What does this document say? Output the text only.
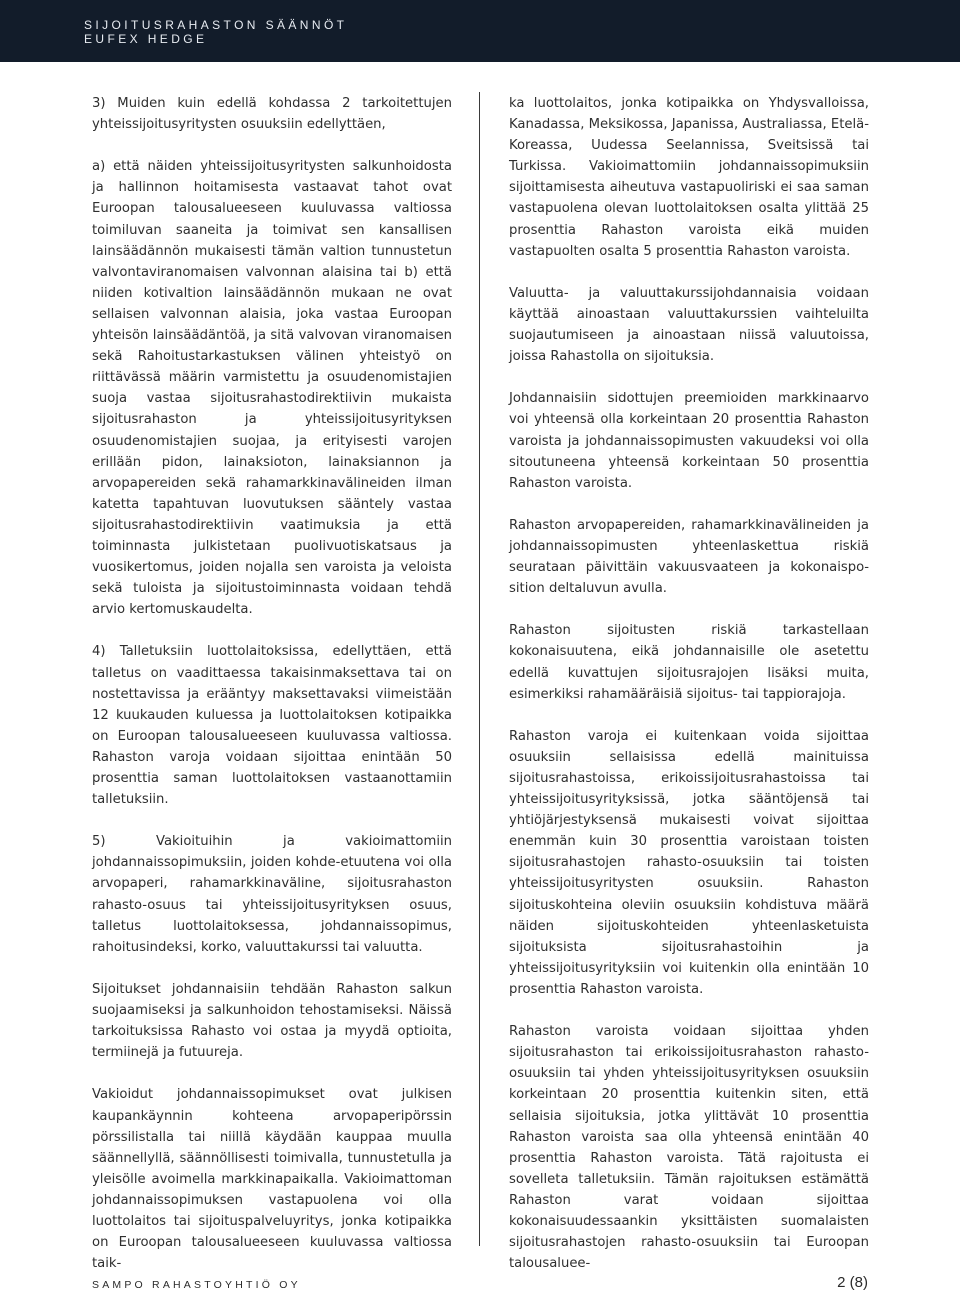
SIJOITUSRAHASTON SÄÄNNÖT
EUFEX HEDGE

3) Muiden kuin edellä kohdassa 2 tarkoitettujen yhteissijoitusyritysten osuuksiin edellyttäen,

a) että näiden yhteissijoitusyritysten salkunhoidosta ja hallinnon hoitamisesta vastaavat tahot ovat Euroopan talousalueeseen kuuluvassa valtiossa toimiluvan saaneita ja toimivat sen kansallisen lainsäädännön mukaisesti tämän valtion tunnustetun valvontaviranomaisen valvonnan alaisina tai b) että niiden kotivaltion lainsäädännön mukaan ne ovat sellaisen valvonnan alaisia, joka vastaa Euroopan yhteisön lainsäädäntöä, ja sitä valvovan viranomaisen sekä Rahoitustarkastuksen välinen yhteistyö on riittävässä määrin varmistettu ja osuudenomistajien suoja vastaa sijoitusrahastodirektiivin mukaista sijoitusrahaston ja yhteissijoitusyrityksen osuudenomistajien suojaa, ja erityisesti varojen erillään pidon, lainaksioton, lainaksiannon ja arvopapereiden sekä rahamarkkinavälineiden ilman katetta tapahtuvan luovutuksen sääntely vastaa sijoitusrahastodirektiivin vaatimuksia ja että toiminnasta julkistetaan puolivuotiskatsaus ja vuosikertomus, joiden nojalla sen varoista ja veloista sekä tuloista ja sijoitustoiminnasta voidaan tehdä arvio kertomuskaudelta.

4) Talletuksiin luottolaitoksissa, edellyttäen, että talletus on vaadittaessa takaisinmaksettava tai on nostettavissa ja erääntyy maksettavaksi viimeistään 12 kuukauden kuluessa ja luottolaitoksen kotipaikka on Euroopan talousalueeseen kuuluvassa valtiossa. Rahaston varoja voidaan sijoittaa enintään 50 prosenttia saman luottolaitoksen vastaanottamiin talletuksiin.

5) Vakioituihin ja vakioimattomiin johdannaissopimuksiin, joiden kohde-etuutena voi olla arvopaperi, rahamarkkinaväline, sijoitusrahaston rahasto-osuus tai yhteissijoitusyrityksen osuus, talletus luottolaitoksessa, johdannaissopimus, rahoitusindeksi, korko, valuuttakurssi tai valuutta.

Sijoitukset johdannaisiin tehdään Rahaston salkun suojaamiseksi ja salkunhoidon tehostamiseksi. Näissä tarkoituksissa Rahasto voi ostaa ja myydä optioita, termiinejä ja futuureja.

Vakioidut johdannaissopimukset ovat julkisen kaupankäynnin kohteena arvopaperipörssin pörssilistalla tai niillä käydään kauppaa muulla säännellyllä, säännöllisesti toimivalla, tunnustetulla ja yleisölle avoimella markkinapaikalla. Vakioimattoman johdannaissopimuksen vastapuolena voi olla luottolaitos tai sijoituspalveluyritys, jonka kotipaikka on Euroopan talousalueeseen kuuluvassa valtiossa taik-

ka luottolaitos, jonka kotipaikka on Yhdysvalloissa, Kanadassa, Meksikossa, Japanissa, Australiassa, Etelä-Koreassa, Uudessa Seelannissa, Sveitsissä tai Turkissa. Vakioimattomiin johdannaissopimuksiin sijoittamisesta aiheutuva vastapuoliriski ei saa saman vastapuolena olevan luottolaitoksen osalta ylittää 25 prosenttia Rahaston varoista eikä muiden vastapuolten osalta 5 prosenttia Rahaston varoista.

Valuutta- ja valuuttakurssijohdannaisia voidaan käyttää ainoastaan valuuttakurssien vaihteluilta suojautumiseen ja ainoastaan niissä valuutoissa, joissa Rahastolla on sijoituksia.

Johdannaisiin sidottujen preemioiden markkinaarvo voi yhteensä olla korkeintaan 20 prosenttia Rahaston varoista ja johdannaissopimusten vakuudeksi voi olla sitoutuneena yhteensä korkeintaan 50 prosenttia Rahaston varoista.

Rahaston arvopapereiden, rahamarkkinavälineiden ja johdannaissopimusten yhteenlaskettua riskiä seurataan päivittäin vakuusvaateen ja kokonaisposition deltaluvun avulla.

Rahaston sijoitusten riskiä tarkastellaan kokonaisuutena, eikä johdannaisille ole asetettu edellä kuvattujen sijoitusrajojen lisäksi muita, esimerkiksi rahamääräisiä sijoitus- tai tappiorajoja.

Rahaston varoja ei kuitenkaan voida sijoittaa osuuksiin sellaisissa edellä mainituissa sijoitusrahastoissa, erikoissijoitusrahastoissa tai yhteissijoitusyrityksissä, jotka sääntöjensä tai yhtiöjärjestyksensä mukaisesti voivat sijoittaa enemmän kuin 30 prosenttia varoistaan toisten sijoitusrahastojen rahasto-osuuksiin tai toisten yhteissijoitusyritysten osuuksiin. Rahaston sijoituskohteina oleviin osuuksiin kohdistuva määrä näiden sijoituskohteiden yhteenlasketuista sijoituksista sijoitusrahastoihin ja yhteissijoitusyrityksiin voi kuitenkin olla enintään 10 prosenttia Rahaston varoista.

Rahaston varoista voidaan sijoittaa yhden sijoitusrahaston tai erikoissijoitusrahaston rahasto-osuuksiin tai yhden yhteissijoitusyrityksen osuuksiin korkeintaan 20 prosenttia kuitenkin siten, että sellaisia sijoituksia, jotka ylittävät 10 prosenttia Rahaston varoista saa olla yhteensä enintään 40 prosenttia Rahaston varoista. Tätä rajoitusta ei sovelleta talletuksiin. Tämän rajoituksen estämättä Rahaston varat voidaan sijoittaa kokonaisuudessaankin yksittäisten suomalaisten sijoitusrahastojen rahasto-osuuksiin tai Euroopan talousaluee-

SAMPO RAHASTOYHTIÖ OY	2 (8)
